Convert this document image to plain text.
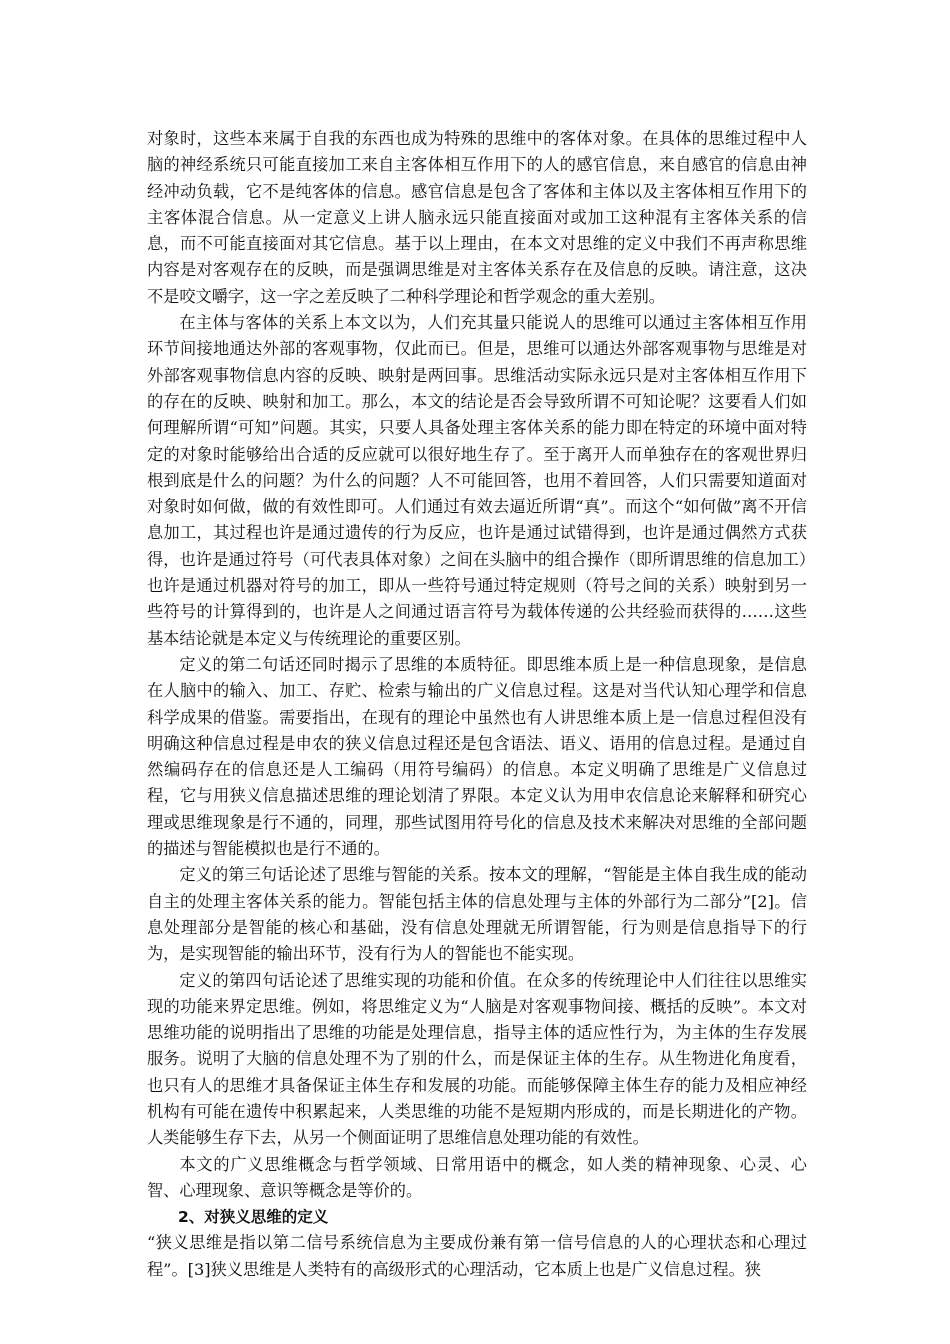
对象时，这些本来属于自我的东西也成为特殊的思维中的客体对象。在具体的思维过程中人脑的神经系统只可能直接加工来自主客体相互作用下的人的感官信息，来自感官的信息由神经冲动负载，它不是纯客体的信息。感官信息是包含了客体和主体以及主客体相互作用下的主客体混合信息。从一定意义上讲人脑永远只能直接面对或加工这种混有主客体关系的信息，而不可能直接面对其它信息。基于以上理由，在本文对思维的定义中我们不再声称思维内容是对客观存在的反映，而是强调思维是对主客体关系存在及信息的反映。请注意，这决不是咬文嚼字，这一字之差反映了二种科学理论和哲学观念的重大差别。

在主体与客体的关系上本文以为，人们充其量只能说人的思维可以通过主客体相互作用环节间接地通达外部的客观事物，仅此而已。但是，思维可以通达外部客观事物与思维是对外部客观事物信息内容的反映、映射是两回事。思维活动实际永远只是对主客体相互作用下的存在的反映、映射和加工。那么，本文的结论是否会导致所谓不可知论呢？这要看人们如何理解所谓“可知”问题。其实，只要人具备处理主客体关系的能力即在特定的环境中面对特定的对象时能够给出合适的反应就可以很好地生存了。至于离开人而单独存在的客观世界归根到底是什么的问题？为什么的问题？人不可能回答，也用不着回答，人们只需要知道面对对象时如何做，做的有效性即可。人们通过有效去逼近所谓“真”。而这个“如何做”离不开信息加工，其过程也许是通过遗传的行为反应，也许是通过试错得到，也许是通过偶然方式获得，也许是通过符号（可代表具体对象）之间在头脑中的组合操作（即所谓思维的信息加工）也许是通过机器对符号的加工，即从一些符号通过特定规则（符号之间的关系）映射到另一些符号的计算得到的，也许是人之间通过语言符号为载体传递的公共经验而获得的……这些基本结论就是本定义与传统理论的重要区别。

定义的第二句话还同时揭示了思维的本质特征。即思维本质上是一种信息现象，是信息在人脑中的输入、加工、存贮、检索与输出的广义信息过程。这是对当代认知心理学和信息科学成果的借鉴。需要指出，在现有的理论中虽然也有人讲思维本质上是一信息过程但没有明确这种信息过程是申农的狭义信息过程还是包含语法、语义、语用的信息过程。是通过自然编码存在的信息还是人工编码（用符号编码）的信息。本定义明确了思维是广义信息过程，它与用狭义信息描述思维的理论划清了界限。本定义认为用申农信息论来解释和研究心理或思维现象是行不通的，同理，那些试图用符号化的信息及技术来解决对思维的全部问题的描述与智能模拟也是行不通的。

定义的第三句话论述了思维与智能的关系。按本文的理解，“智能是主体自我生成的能动自主的处理主客体关系的能力。智能包括主体的信息处理与主体的外部行为二部分”[2]。信息处理部分是智能的核心和基础，没有信息处理就无所谓智能，行为则是信息指导下的行为，是实现智能的输出环节，没有行为人的智能也不能实现。

定义的第四句话论述了思维实现的功能和价值。在众多的传统理论中人们往往以思维实现的功能来界定思维。例如，将思维定义为“人脑是对客观事物间接、概括的反映”。本文对思维功能的说明指出了思维的功能是处理信息，指导主体的适应性行为，为主体的生存发展服务。说明了大脑的信息处理不为了别的什么，而是保证主体的生存。从生物进化角度看，也只有人的思维才具备保证主体生存和发展的功能。而能够保障主体生存的能力及相应神经机构有可能在遗传中积累起来，人类思维的功能不是短期内形成的，而是长期进化的产物。人类能够生存下去，从另一个侧面证明了思维信息处理功能的有效性。

本文的广义思维概念与哲学领域、日常用语中的概念，如人类的精神现象、心灵、心智、心理现象、意识等概念是等价的。

2、对狭义思维的定义

“狭义思维是指以第二信号系统信息为主要成份兼有第一信号信息的人的心理状态和心理过程”。[3]狭义思维是人类特有的高级形式的心理活动，它本质上也是广义信息过程。狭
